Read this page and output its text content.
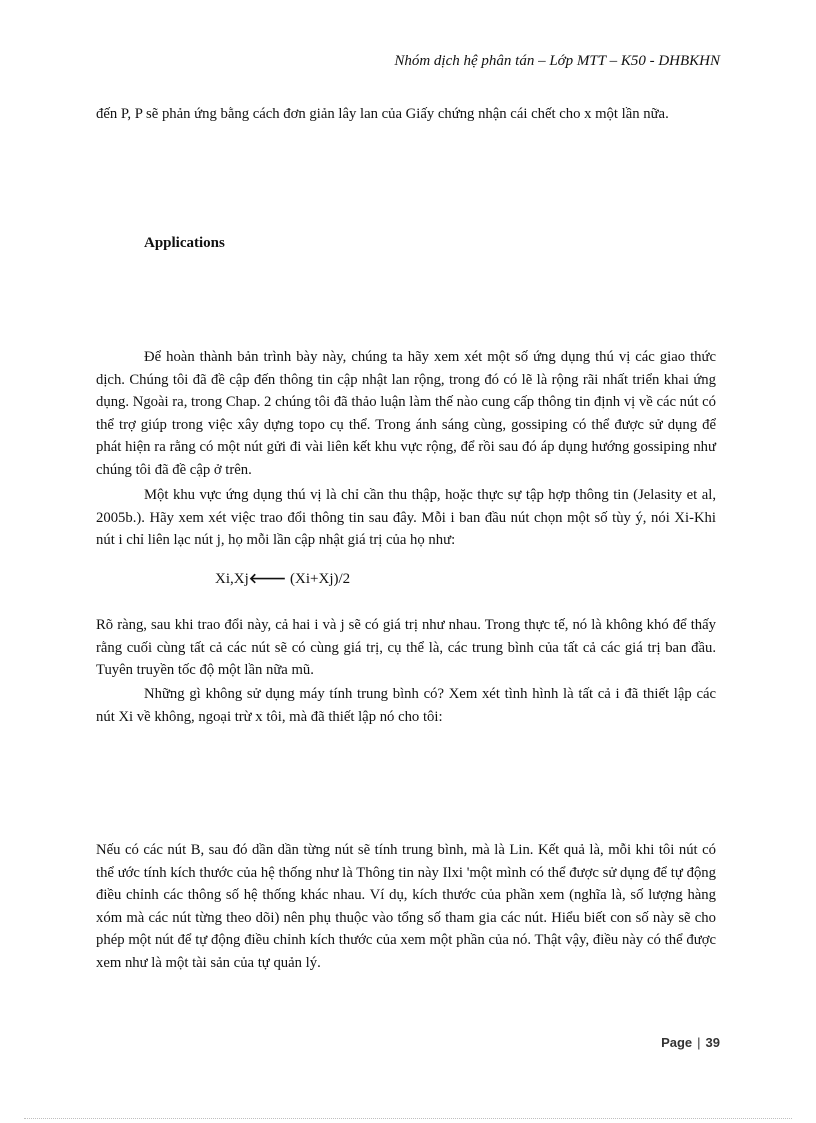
Nhóm dịch hệ phân tán – Lớp MTT – K50 - DHBKHN

đến P, P sẽ phản ứng bằng cách đơn giản lây lan của Giấy chứng nhận cái chết cho x một lần nữa.

Applications

Để hoàn thành bản trình bày này, chúng ta hãy xem xét một số ứng dụng thú vị các giao thức dịch. Chúng tôi đã đề cập đến thông tin cập nhật lan rộng, trong đó có lẽ là rộng rãi nhất triển khai ứng dụng. Ngoài ra, trong Chap. 2 chúng tôi đã thảo luận làm thế nào cung cấp thông tin định vị về các nút có thể trợ giúp trong việc xây dựng topo cụ thể. Trong ánh sáng cùng, gossiping có thể được sử dụng để phát hiện ra rằng có một nút gửi đi vài liên kết khu vực rộng, để rồi sau đó áp dụng hướng gossiping như chúng tôi đã đề cập ở trên.

Một khu vực ứng dụng thú vị là chỉ cần thu thập, hoặc thực sự tập hợp thông tin (Jelasity et al, 2005b.). Hãy xem xét việc trao đổi thông tin sau đây. Mỗi i ban đầu nút chọn một số tùy ý, nói Xi-Khi nút i chỉ liên lạc nút j, họ mỗi lần cập nhật giá trị của họ như:

Xi,Xj🡐 (Xi+Xj)/2

Rõ ràng, sau khi trao đổi này, cả hai i và j sẽ có giá trị như nhau. Trong thực tế, nó là không khó để thấy rằng cuối cùng tất cả các nút sẽ có cùng giá trị, cụ thể là, các trung bình của tất cả các giá trị ban đầu. Tuyên truyền tốc độ một lần nữa mũ.

Những gì không sử dụng máy tính trung bình có? Xem xét tình hình là tất cả i đã thiết lập các nút Xi về không, ngoại trừ x tôi, mà đã thiết lập nó cho tôi:

Nếu có các nút B, sau đó dần dần từng nút sẽ tính trung bình, mà là Lin. Kết quả là, mỗi khi tôi nút có thể ước tính kích thước của hệ thống như là Thông tin này Ilxi 'một mình có thể được sử dụng để tự động điều chỉnh các thông số hệ thống khác nhau. Ví dụ, kích thước của phần xem (nghĩa là, số lượng hàng xóm mà các nút từng theo dõi) nên phụ thuộc vào tổng số tham gia các nút. Hiểu biết con số này sẽ cho phép một nút để tự động điều chỉnh kích thước của xem một phần của nó. Thật vậy, điều này có thể được xem như là một tài sản của tự quản lý.

Page | 39
